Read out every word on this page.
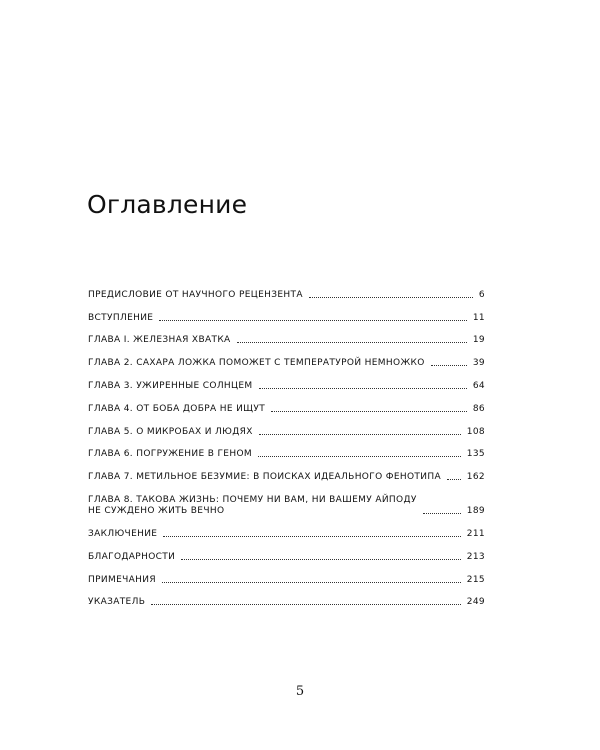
Оглавление
ПРЕДИСЛОВИЕ ОТ НАУЧНОГО РЕЦЕНЗЕНТА	6
ВСТУПЛЕНИЕ	11
ГЛАВА I. ЖЕЛЕЗНАЯ ХВАТКА	19
ГЛАВА 2. САХАРА ЛОЖКА ПОМОЖЕТ С ТЕМПЕРАТУРОЙ НЕМНОЖКО	39
ГЛАВА 3. УЖИРЕННЫЕ СОЛНЦЕМ	64
ГЛАВА 4. ОТ БОБА ДОБРА НЕ ИЩУТ	86
ГЛАВА 5. О МИКРОБАХ И ЛЮДЯХ	108
ГЛАВА 6. ПОГРУЖЕНИЕ В ГЕНОМ	135
ГЛАВА 7. МЕТИЛЬНОЕ БЕЗУМИЕ: В ПОИСКАХ ИДЕАЛЬНОГО ФЕНОТИПА	162
ГЛАВА 8. ТАКОВА ЖИЗНЬ: ПОЧЕМУ НИ ВАМ, НИ ВАШЕМУ АЙПОДУ
НЕ СУЖДЕНО ЖИТЬ ВЕЧНО	189
ЗАКЛЮЧЕНИЕ	211
БЛАГОДАРНОСТИ	213
ПРИМЕЧАНИЯ	215
УКАЗАТЕЛЬ	249
5
